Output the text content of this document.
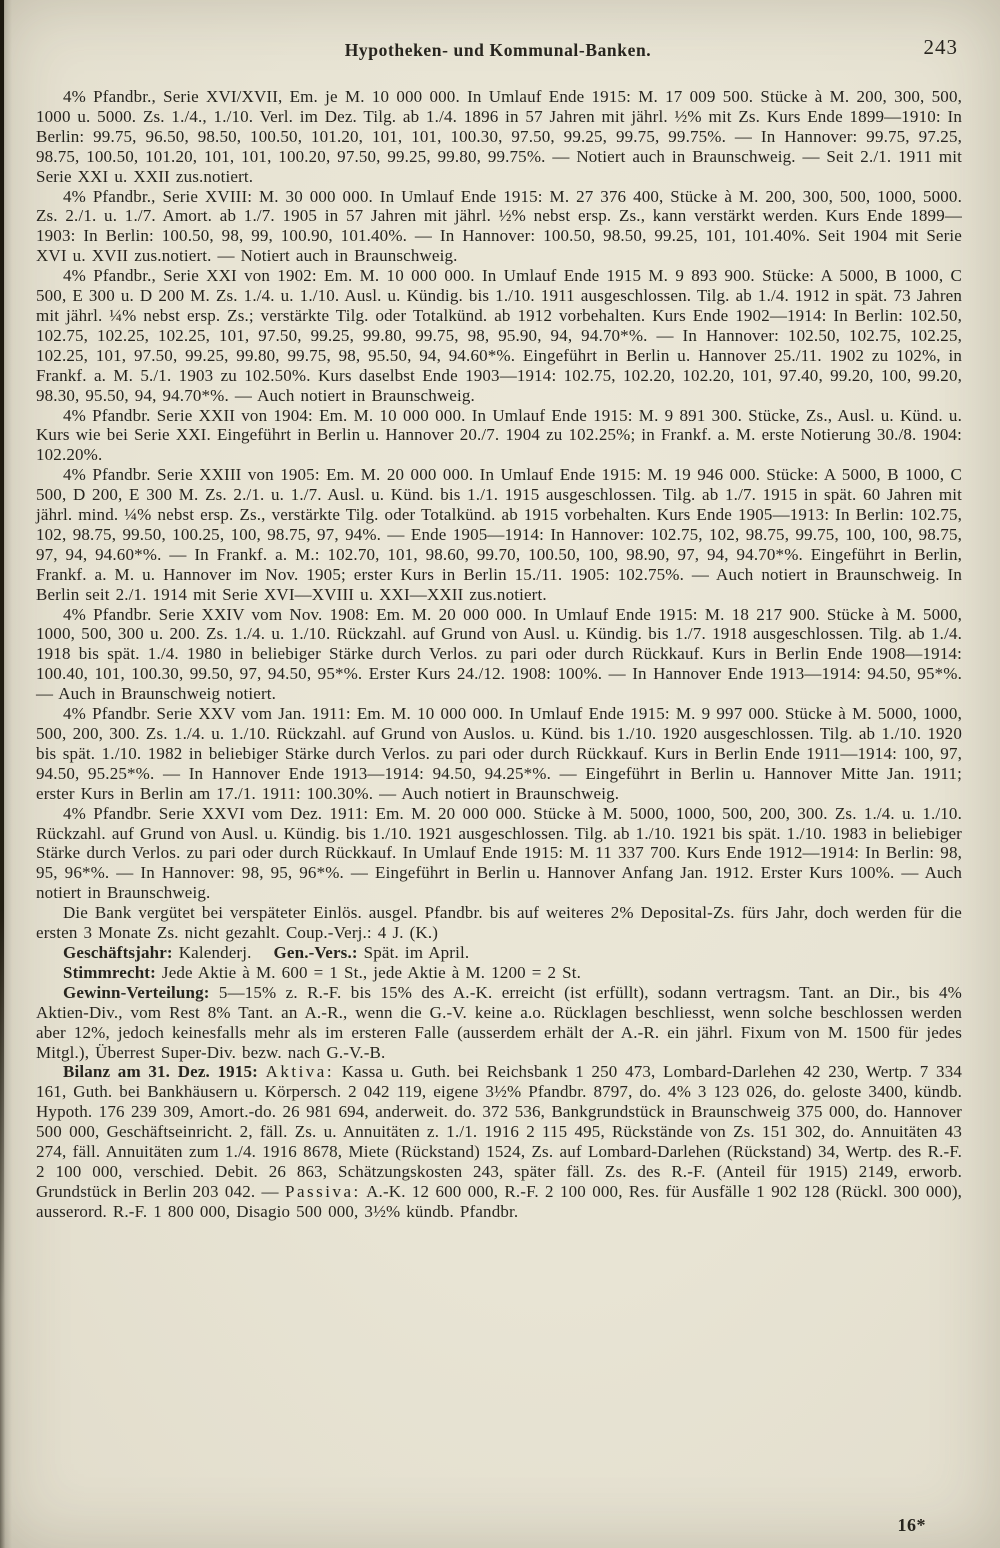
Hypotheken- und Kommunal-Banken.	243

4% Pfandbr., Serie XVI/XVII, Em. je M. 10 000 000. In Umlauf Ende 1915: M. 17 009 500. Stücke à M. 200, 300, 500, 1000 u. 5000. Zs. 1./4., 1./10. Verl. im Dez. Tilg. ab 1./4. 1896 in 57 Jahren mit jährl. ½% mit Zs. Kurs Ende 1899—1910: In Berlin: 99.75, 96.50, 98.50, 100.50, 101.20, 101, 101, 100.30, 97.50, 99.25, 99.75, 99.75%. — In Hannover: 99.75, 97.25, 98.75, 100.50, 101.20, 101, 101, 100.20, 97.50, 99.25, 99.80, 99.75%. — Notiert auch in Braunschweig. — Seit 2./1. 1911 mit Serie XXI u. XXII zus.notiert.

4% Pfandbr., Serie XVIII: M. 30 000 000. In Umlauf Ende 1915: M. 27 376 400, Stücke à M. 200, 300, 500, 1000, 5000. Zs. 2./1. u. 1./7. Amort. ab 1./7. 1905 in 57 Jahren mit jährl. ½% nebst ersp. Zs., kann verstärkt werden. Kurs Ende 1899—1903: In Berlin: 100.50, 98, 99, 100.90, 101.40%. — In Hannover: 100.50, 98.50, 99.25, 101, 101.40%. Seit 1904 mit Serie XVI u. XVII zus.notiert. — Notiert auch in Braunschweig.

4% Pfandbr., Serie XXI von 1902: Em. M. 10 000 000. In Umlauf Ende 1915 M. 9 893 900. Stücke: A 5000, B 1000, C 500, E 300 u. D 200 M. Zs. 1./4. u. 1./10. Ausl. u. Kündig. bis 1./10. 1911 ausgeschlossen. Tilg. ab 1./4. 1912 in spät. 73 Jahren mit jährl. ¼% nebst ersp. Zs.; verstärkte Tilg. oder Totalkünd. ab 1912 vorbehalten. Kurs Ende 1902—1914: In Berlin: 102.50, 102.75, 102.25, 102.25, 101, 97.50, 99.25, 99.80, 99.75, 98, 95.90, 94, 94.70*%. — In Hannover: 102.50, 102.75, 102.25, 102.25, 101, 97.50, 99.25, 99.80, 99.75, 98, 95.50, 94, 94.60*%. Eingeführt in Berlin u. Hannover 25./11. 1902 zu 102%, in Frankf. a. M. 5./1. 1903 zu 102.50%. Kurs daselbst Ende 1903—1914: 102.75, 102.20, 102.20, 101, 97.40, 99.20, 100, 99.20, 98.30, 95.50, 94, 94.70*%. — Auch notiert in Braunschweig.

4% Pfandbr. Serie XXII von 1904: Em. M. 10 000 000. In Umlauf Ende 1915: M. 9 891 300. Stücke, Zs., Ausl. u. Künd. u. Kurs wie bei Serie XXI. Eingeführt in Berlin u. Hannover 20./7. 1904 zu 102.25%; in Frankf. a. M. erste Notierung 30./8. 1904: 102.20%.

4% Pfandbr. Serie XXIII von 1905: Em. M. 20 000 000. In Umlauf Ende 1915: M. 19 946 000. Stücke: A 5000, B 1000, C 500, D 200, E 300 M. Zs. 2./1. u. 1./7. Ausl. u. Künd. bis 1./1. 1915 ausgeschlossen. Tilg. ab 1./7. 1915 in spät. 60 Jahren mit jährl. mind. ¼% nebst ersp. Zs., verstärkte Tilg. oder Totalkünd. ab 1915 vorbehalten. Kurs Ende 1905—1913: In Berlin: 102.75, 102, 98.75, 99.50, 100.25, 100, 98.75, 97, 94%. — Ende 1905—1914: In Hannover: 102.75, 102, 98.75, 99.75, 100, 100, 98.75, 97, 94, 94.60*%. — In Frankf. a. M.: 102.70, 101, 98.60, 99.70, 100.50, 100, 98.90, 97, 94, 94.70*%. Eingeführt in Berlin, Frankf. a. M. u. Hannover im Nov. 1905; erster Kurs in Berlin 15./11. 1905: 102.75%. — Auch notiert in Braunschweig. In Berlin seit 2./1. 1914 mit Serie XVI—XVIII u. XXI—XXII zus.notiert.

4% Pfandbr. Serie XXIV vom Nov. 1908: Em. M. 20 000 000. In Umlauf Ende 1915: M. 18 217 900. Stücke à M. 5000, 1000, 500, 300 u. 200. Zs. 1./4. u. 1./10. Rückzahl. auf Grund von Ausl. u. Kündig. bis 1./7. 1918 ausgeschlossen. Tilg. ab 1./4. 1918 bis spät. 1./4. 1980 in beliebiger Stärke durch Verlos. zu pari oder durch Rückkauf. Kurs in Berlin Ende 1908—1914: 100.40, 101, 100.30, 99.50, 97, 94.50, 95*%. Erster Kurs 24./12. 1908: 100%. — In Hannover Ende 1913—1914: 94.50, 95*%. — Auch in Braunschweig notiert.

4% Pfandbr. Serie XXV vom Jan. 1911: Em. M. 10 000 000. In Umlauf Ende 1915: M. 9 997 000. Stücke à M. 5000, 1000, 500, 200, 300. Zs. 1./4. u. 1./10. Rückzahl. auf Grund von Auslos. u. Künd. bis 1./10. 1920 ausgeschlossen. Tilg. ab 1./10. 1920 bis spät. 1./10. 1982 in beliebiger Stärke durch Verlos. zu pari oder durch Rückkauf. Kurs in Berlin Ende 1911—1914: 100, 97, 94.50, 95.25*%. — In Hannover Ende 1913—1914: 94.50, 94.25*%. — Eingeführt in Berlin u. Hannover Mitte Jan. 1911; erster Kurs in Berlin am 17./1. 1911: 100.30%. — Auch notiert in Braunschweig.

4% Pfandbr. Serie XXVI vom Dez. 1911: Em. M. 20 000 000. Stücke à M. 5000, 1000, 500, 200, 300. Zs. 1./4. u. 1./10. Rückzahl. auf Grund von Ausl. u. Kündig. bis 1./10. 1921 ausgeschlossen. Tilg. ab 1./10. 1921 bis spät. 1./10. 1983 in beliebiger Stärke durch Verlos. zu pari oder durch Rückkauf. In Umlauf Ende 1915: M. 11 337 700. Kurs Ende 1912—1914: In Berlin: 98, 95, 96*%. — In Hannover: 98, 95, 96*%. — Eingeführt in Berlin u. Hannover Anfang Jan. 1912. Erster Kurs 100%. — Auch notiert in Braunschweig.

Die Bank vergütet bei verspäteter Einlös. ausgel. Pfandbr. bis auf weiteres 2% Deposital-Zs. fürs Jahr, doch werden für die ersten 3 Monate Zs. nicht gezahlt. Coup.-Verj.: 4 J. (K.)

Geschäftsjahr: Kalenderj. Gen.-Vers.: Spät. im April.

Stimmrecht: Jede Aktie à M. 600 = 1 St., jede Aktie à M. 1200 = 2 St.

Gewinn-Verteilung: 5—15% z. R.-F. bis 15% des A.-K. erreicht (ist erfüllt), sodann vertragsm. Tant. an Dir., bis 4% Aktien-Div., vom Rest 8% Tant. an A.-R., wenn die G.-V. keine a.o. Rücklagen beschliesst, wenn solche beschlossen werden aber 12%, jedoch keinesfalls mehr als im ersteren Falle (ausserdem erhält der A.-R. ein jährl. Fixum von M. 1500 für jedes Mitgl.), Überrest Super-Div. bezw. nach G.-V.-B.

Bilanz am 31. Dez. 1915: Aktiva: Kassa u. Guth. bei Reichsbank 1 250 473, Lombard-Darlehen 42 230, Wertp. 7 334 161, Guth. bei Bankhäusern u. Körpersch. 2 042 119, eigene 3½% Pfandbr. 8797, do. 4% 3 123 026, do. geloste 3400, kündb. Hypoth. 176 239 309, Amort.-do. 26 981 694, anderweit. do. 372 536, Bankgrundstück in Braunschweig 375 000, do. Hannover 500 000, Geschäftseinricht. 2, fäll. Zs. u. Annuitäten z. 1./1. 1916 2 115 495, Rückstände von Zs. 151 302, do. Annuitäten 43 274, fäll. Annuitäten zum 1./4. 1916 8678, Miete (Rückstand) 1524, Zs. auf Lombard-Darlehen (Rückstand) 34, Wertp. des R.-F. 2 100 000, verschied. Debit. 26 863, Schätzungskosten 243, später fäll. Zs. des R.-F. (Anteil für 1915) 2149, erworb. Grundstück in Berlin 203 042. — Passiva: A.-K. 12 600 000, R.-F. 2 100 000, Res. für Ausfälle 1 902 128 (Rückl. 300 000), ausserord. R.-F. 1 800 000, Disagio 500 000, 3½% kündb. Pfandbr.

16*
